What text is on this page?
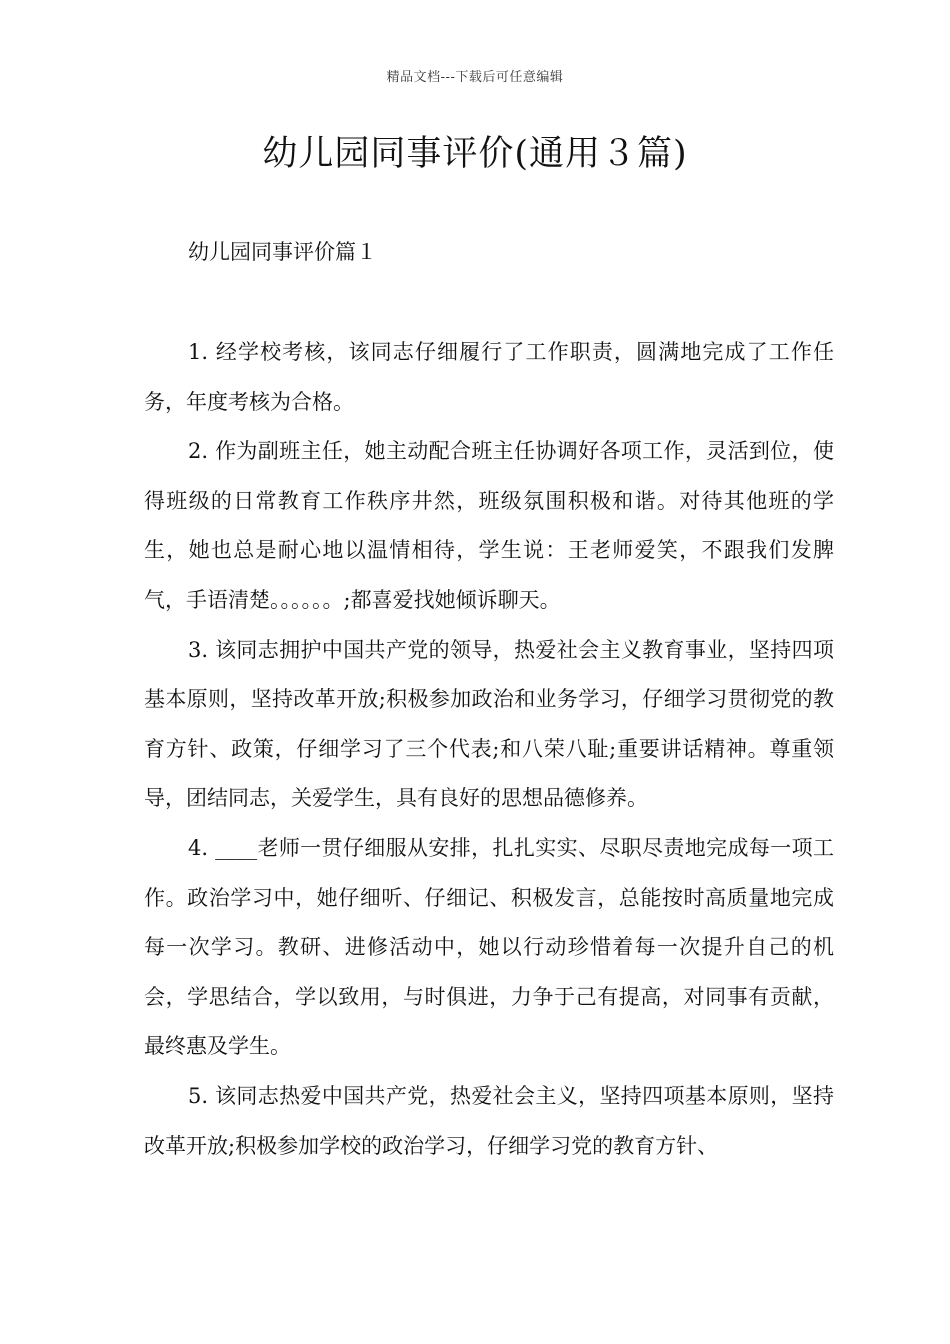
精品文档---下载后可任意编辑
幼儿园同事评价(通用３篇)
幼儿园同事评价篇１

1. 经学校考核，该同志仔细履行了工作职责，圆满地完成了工作任务，年度考核为合格。

2. 作为副班主任，她主动配合班主任协调好各项工作，灵活到位，使得班级的日常教育工作秩序井然，班级氛围积极和谐。对待其他班的学生，她也总是耐心地以温情相待，学生说：王老师爱笑，不跟我们发脾气，手语清楚。。。。。。;都喜爱找她倾诉聊天。

3. 该同志拥护中国共产党的领导，热爱社会主义教育事业，坚持四项基本原则，坚持改革开放;积极参加政治和业务学习，仔细学习贯彻党的教育方针、政策，仔细学习了三个代表;和八荣八耻;重要讲话精神。尊重领导，团结同志，关爱学生，具有良好的思想品德修养。

4. ____老师一贯仔细服从安排，扎扎实实、尽职尽责地完成每一项工作。政治学习中，她仔细听、仔细记、积极发言，总能按时高质量地完成每一次学习。教研、进修活动中，她以行动珍惜着每一次提升自己的机会，学思结合，学以致用，与时俱进，力争于己有提高，对同事有贡献，最终惠及学生。

5. 该同志热爱中国共产党，热爱社会主义，坚持四项基本原则，坚持改革开放;积极参加学校的政治学习，仔细学习党的教育方针、
